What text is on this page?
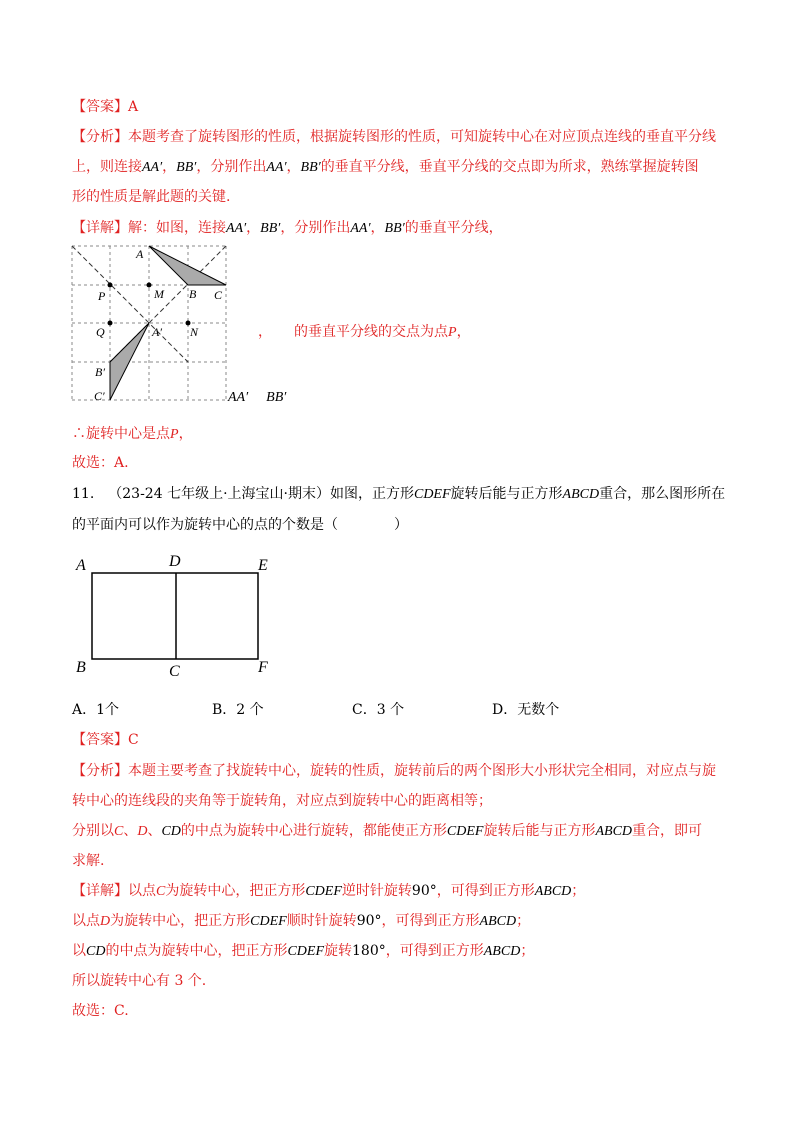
【答案】A
【分析】本题考查了旋转图形的性质，根据旋转图形的性质，可知旋转中心在对应顶点连线的垂直平分线
上，则连接AA′，BB′，分别作出AA′，BB′的垂直平分线，垂直平分线的交点即为所求，熟练掌握旋转图
形的性质是解此题的关键.
【详解】解：如图，连接AA′，BB′，分别作出AA′，BB′的垂直平分线，
A
P	M B C
Q	A′ N
B′
C′
， 的垂直平分线的交点为点P，
AA′ BB′
∴旋转中心是点P，
故选：A.
11. （23-24 七年级上·上海宝山·期末）如图，正方形CDEF旋转后能与正方形ABCD重合，那么图形所在
的平面内可以作为旋转中心的点的个数是（　　　　）
A	D	E
B	C	F
A．1个	B．2 个	C．3 个	D．无数个
【答案】C
【分析】本题主要考查了找旋转中心，旋转的性质，旋转前后的两个图形大小形状完全相同，对应点与旋
转中心的连线段的夹角等于旋转角，对应点到旋转中心的距离相等；
分别以C、D、CD的中点为旋转中心进行旋转，都能使正方形CDEF旋转后能与正方形ABCD重合，即可
求解.
【详解】以点C为旋转中心，把正方形CDEF逆时针旋转90°，可得到正方形ABCD；
以点D为旋转中心，把正方形CDEF顺时针旋转90°，可得到正方形ABCD；
以CD的中点为旋转中心，把正方形CDEF旋转180°，可得到正方形ABCD；
所以旋转中心有 3 个.
故选：C.
